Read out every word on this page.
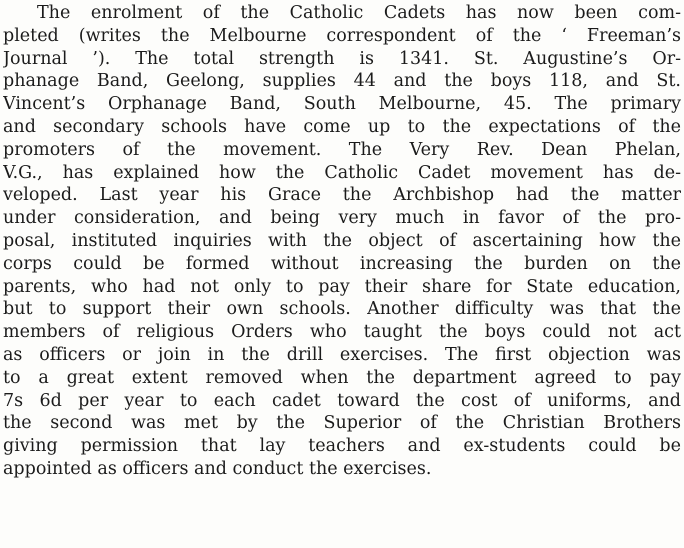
The enrolment of the Catholic Cadets has now been com-
pleted (writes the Melbourne correspondent of the ‘ Freeman’s
Journal ’). The total strength is 1341. St. Augustine’s Or-
phanage Band, Geelong, supplies 44 and the boys 118, and St.
Vincent’s Orphanage Band, South Melbourne, 45. The primary
and secondary schools have come up to the expectations of the
promoters of the movement. The Very Rev. Dean Phelan,
V.G., has explained how the Catholic Cadet movement has de-
veloped. Last year his Grace the Archbishop had the matter
under consideration, and being very much in favor of the pro-
posal, instituted inquiries with the object of ascertaining how the
corps could be formed without increasing the burden on the
parents, who had not only to pay their share for State education,
but to support their own schools. Another difficulty was that the
members of religious Orders who taught the boys could not act
as officers or join in the drill exercises. The first objection was
to a great extent removed when the department agreed to pay
7s 6d per year to each cadet toward the cost of uniforms, and
the second was met by the Superior of the Christian Brothers
giving permission that lay teachers and ex-students could be
appointed as officers and conduct the exercises.
